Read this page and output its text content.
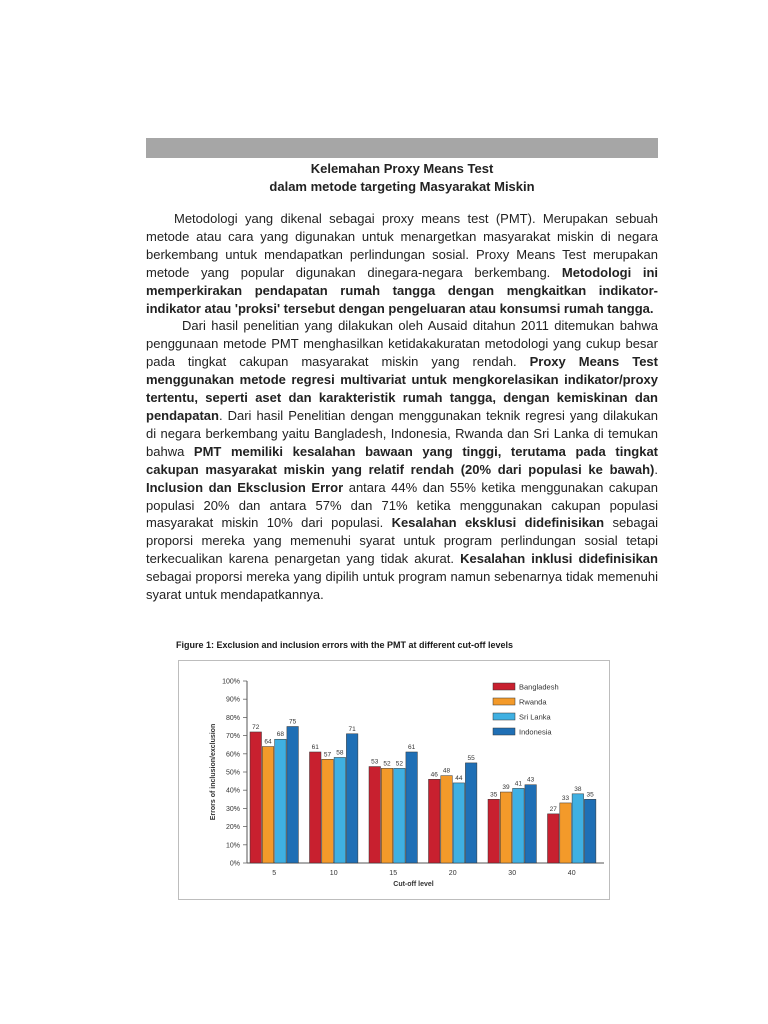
Kelemahan Proxy Means Test
dalam metode targeting Masyarakat Miskin

Metodologi yang dikenal sebagai proxy means test (PMT). Merupakan sebuah metode atau cara yang digunakan untuk menargetkan masyarakat miskin di negara berkembang untuk mendapatkan perlindungan sosial. Proxy Means Test merupakan metode yang popular digunakan dinegara-negara berkembang. Metodologi ini memperkirakan pendapatan rumah tangga dengan mengkaitkan indikator-indikator atau 'proksi' tersebut dengan pengeluaran atau konsumsi rumah tangga.

Dari hasil penelitian yang dilakukan oleh Ausaid ditahun 2011 ditemukan bahwa penggunaan metode PMT menghasilkan ketidakakuratan metodologi yang cukup besar pada tingkat cakupan masyarakat miskin yang rendah. Proxy Means Test menggunakan metode regresi multivariat untuk mengkorelasikan indikator/proxy tertentu, seperti aset dan karakteristik rumah tangga, dengan kemiskinan dan pendapatan. Dari hasil Penelitian dengan menggunakan teknik regresi yang dilakukan di negara berkembang yaitu Bangladesh, Indonesia, Rwanda dan Sri Lanka di temukan bahwa PMT memiliki kesalahan bawaan yang tinggi, terutama pada tingkat cakupan masyarakat miskin yang relatif rendah (20% dari populasi ke bawah). Inclusion dan Eksclusion Error antara 44% dan 55% ketika menggunakan cakupan populasi 20% dan antara 57% dan 71% ketika menggunakan cakupan populasi masyarakat miskin 10% dari populasi. Kesalahan eksklusi didefinisikan sebagai proporsi mereka yang memenuhi syarat untuk program perlindungan sosial tetapi terkecualikan karena penargetan yang tidak akurat. Kesalahan inklusi didefinisikan sebagai proporsi mereka yang dipilih untuk program namun sebenarnya tidak memenuhi syarat untuk mendapatkannya.

Figure 1: Exclusion and inclusion errors with the PMT at different cut-off levels
0%
10%
20%
30%
40%
50%
60%
70%
80%
90%
100%
Errors of inclusion/exclusion	72
64
68
75
5
61
57 58
71
10
53 52 52
61
15
46
48
44
55
20
35
39
41
43
30
27
33
38
35
40
Cut-off level
Bangladesh
Rwanda
Sri Lanka
Indonesia
